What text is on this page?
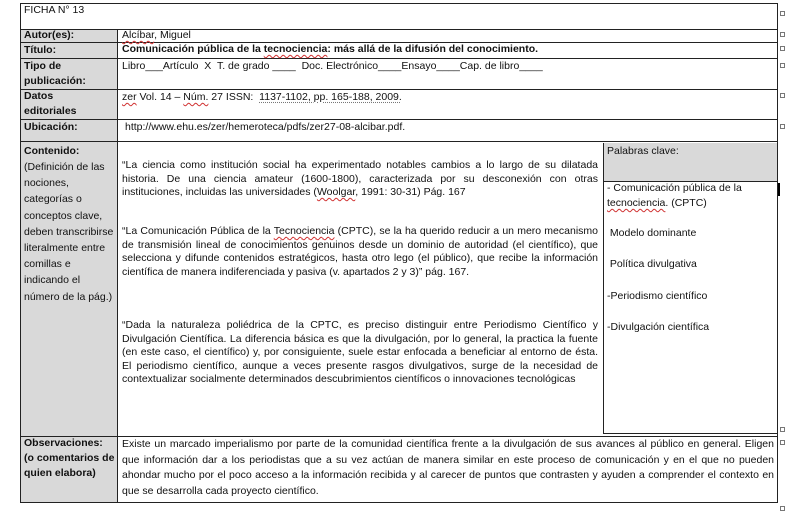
FICHA N° 13
Autor(es):
Título:
Tipo de publicación:
Datos editoriales
Ubicación:
Contenido:
(Definición de las nociones, categorías o conceptos clave, deben transcribirse literalmente entre comillas e indicando el número de la pág.)
Observaciones:
(o comentarios de quien elabora)
Alcíbar, Miguel
Comunicación pública de la tecnociencia: más allá de la difusión del conocimiento.
Libro___Artículo  X  T. de grado ____  Doc. Electrónico____Ensayo____Cap. de libro____
zer Vol. 14 – Núm. 27 ISSN:  1137-1102, pp. 165-188, 2009.
http://www.ehu.es/zer/hemeroteca/pdfs/zer27-08-alcibar.pdf.
“La ciencia como institución social ha experimentado notables cambios a lo largo de su dilatada historia. De una ciencia amateur (1600-1800), caracterizada por su desconexión con otras instituciones, incluidas las universidades (Woolgar, 1991: 30-31) Pág. 167
“La Comunicación Pública de la Tecnociencia (CPTC), se la ha querido reducir a un mero mecanismo de transmisión lineal de conocimientos genuinos desde un dominio de autoridad (el científico), que selecciona y difunde contenidos estratégicos, hasta otro lego (el público), que recibe la información científica de manera indiferenciada y pasiva (v. apartados 2 y 3)” pág. 167.
“Dada la naturaleza poliédrica de la CPTC, es preciso distinguir entre Periodismo Científico y Divulgación Científica. La diferencia básica es que la divulgación, por lo general, la practica la fuente (en este caso, el científico) y, por consiguiente, suele estar enfocada a beneficiar al entorno de ésta. El periodismo científico, aunque a veces presente rasgos divulgativos, surge de la necesidad de contextualizar socialmente determinados descubrimientos científicos o innovaciones tecnológicas
Palabras clave:
- Comunicación pública de la tecnociencia. (CPTC)
Modelo dominante
Política divulgativa
-Periodismo científico
-Divulgación científica
Existe un marcado imperialismo por parte de la comunidad científica frente a la divulgación de sus avances al público en general. Eligen que información dar a los periodistas que a su vez actúan de manera similar en este proceso de comunicación y en el que no pueden ahondar mucho por el poco acceso a la información recibida y al carecer de puntos que contrasten y ayuden a comprender el contexto en que se desarrolla cada proyecto científico.
